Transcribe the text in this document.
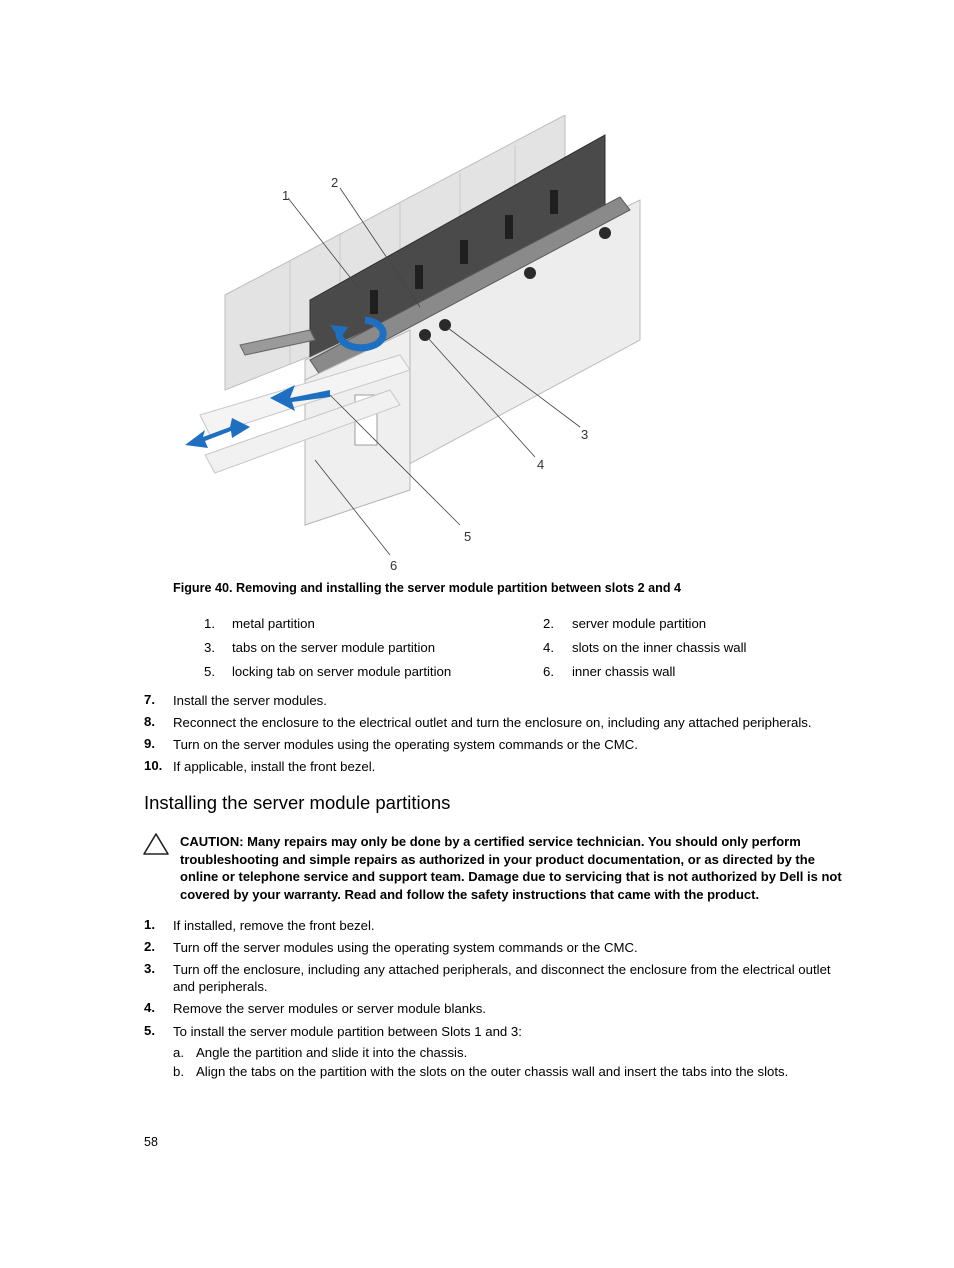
1
2
3
4
5
6
Figure 40. Removing and installing the server module partition between slots 2 and 4
1.	metal partition	2.	server module partition
3.	tabs on the server module partition	4.	slots on the inner chassis wall
5.	locking tab on server module partition	6.	inner chassis wall
7. Install the server modules.
8. Reconnect the enclosure to the electrical outlet and turn the enclosure on, including any attached peripherals.
9. Turn on the server modules using the operating system commands or the CMC.
10. If applicable, install the front bezel.
Installing the server module partitions
CAUTION: Many repairs may only be done by a certified service technician. You should only perform troubleshooting and simple repairs as authorized in your product documentation, or as directed by the online or telephone service and support team. Damage due to servicing that is not authorized by Dell is not covered by your warranty. Read and follow the safety instructions that came with the product.
1. If installed, remove the front bezel.
2. Turn off the server modules using the operating system commands or the CMC.
3. Turn off the enclosure, including any attached peripherals, and disconnect the enclosure from the electrical outlet and peripherals.
4. Remove the server modules or server module blanks.
5. To install the server module partition between Slots 1 and 3:
a. Angle the partition and slide it into the chassis.
b. Align the tabs on the partition with the slots on the outer chassis wall and insert the tabs into the slots.
58
